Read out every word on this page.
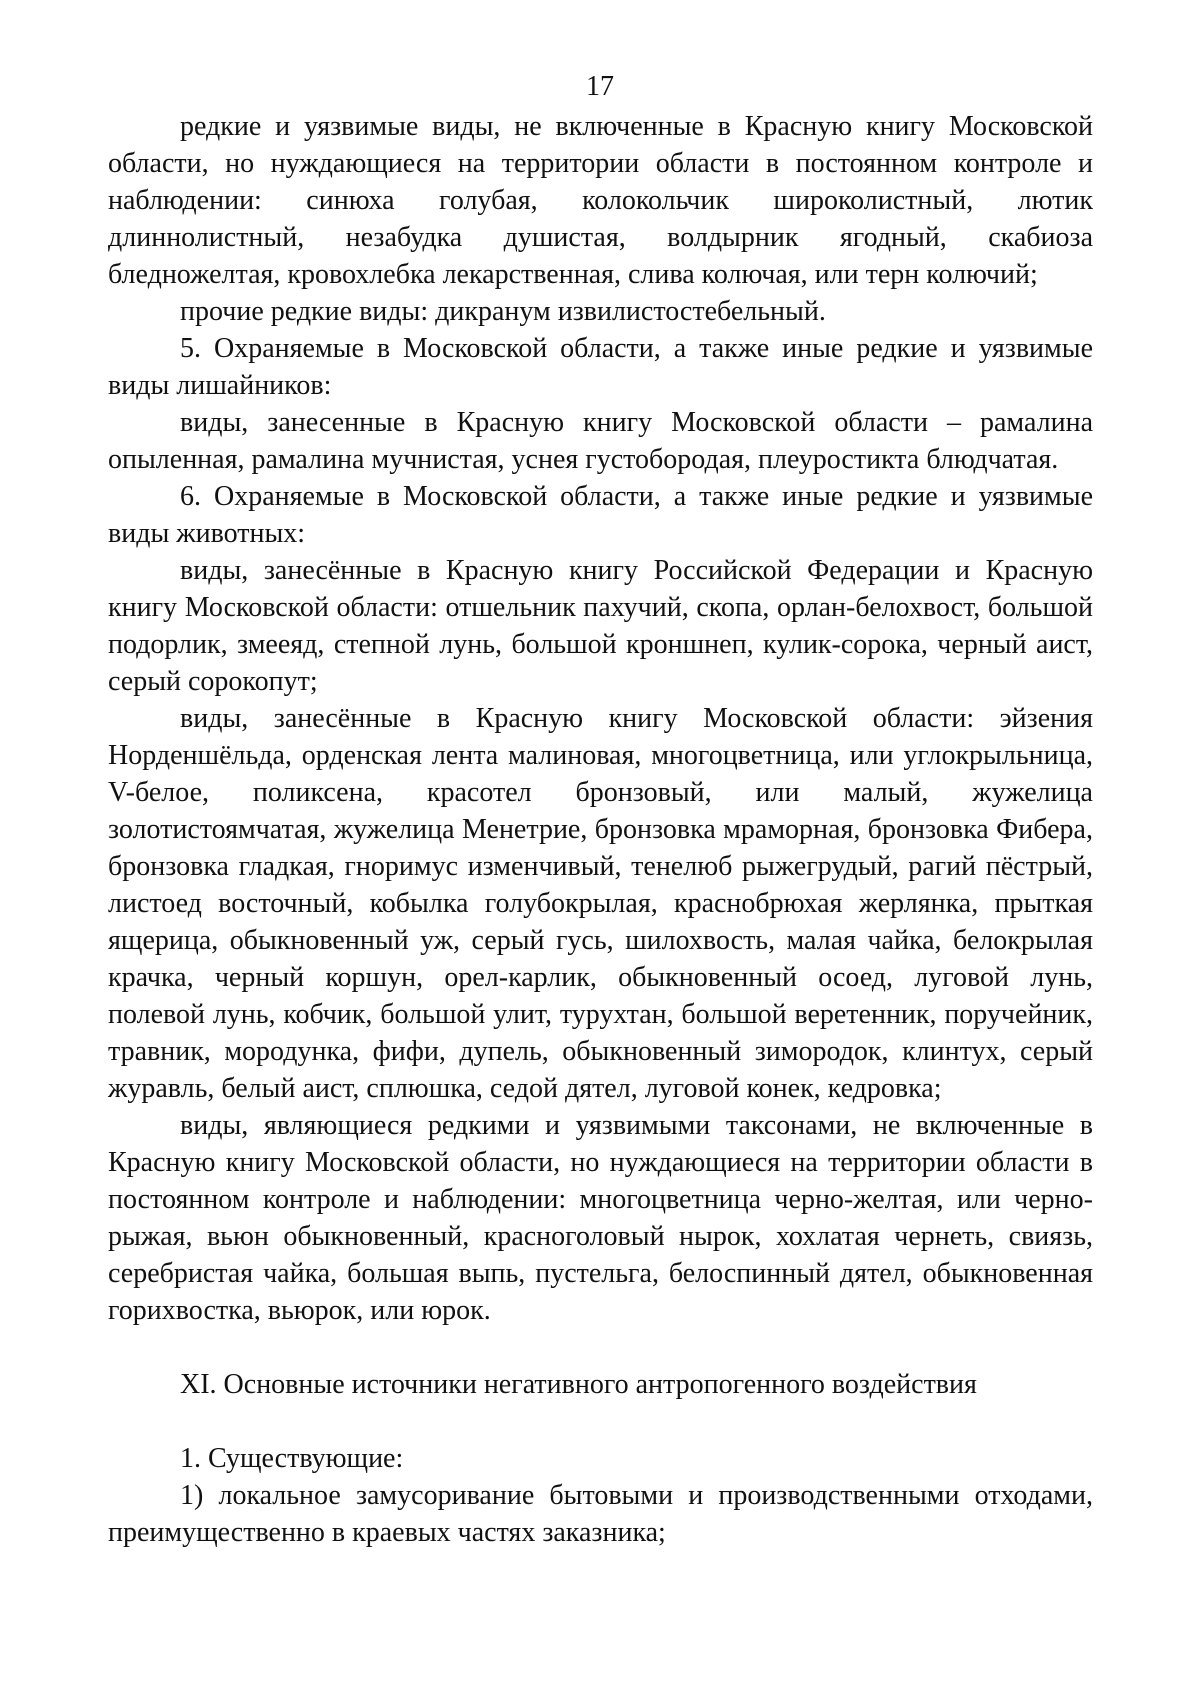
17

редкие и уязвимые виды, не включенные в Красную книгу Московской области, но нуждающиеся на территории области в постоянном контроле и наблюдении: синюха голубая, колокольчик широколистный, лютик длиннолистный, незабудка душистая, волдырник ягодный, скабиоза бледножелтая, кровохлебка лекарственная, слива колючая, или терн колючий;

прочие редкие виды: дикранум извилистостебельный.

5. Охраняемые в Московской области, а также иные редкие и уязвимые виды лишайников:

виды, занесенные в Красную книгу Московской области – рамалина опыленная, рамалина мучнистая, уснея густобородая, плеуростикта блюдчатая.

6. Охраняемые в Московской области, а также иные редкие и уязвимые виды животных:

виды, занесённые в Красную книгу Российской Федерации и Красную книгу Московской области: отшельник пахучий, скопа, орлан-белохвост, большой подорлик, змееяд, степной лунь, большой кроншнеп, кулик-сорока, черный аист, серый сорокопут;

виды, занесённые в Красную книгу Московской области: эйзения Норденшёльда, орденская лента малиновая, многоцветница, или углокрыльница, V-белое, поликсена, красотел бронзовый, или малый, жужелица золотистоямчатая, жужелица Менетрие, бронзовка мраморная, бронзовка Фибера, бронзовка гладкая, гноримус изменчивый, тенелюб рыжегрудый, рагий пёстрый, листоед восточный, кобылка голубокрылая, краснобрюхая жерлянка, прыткая ящерица, обыкновенный уж, серый гусь, шилохвость, малая чайка, белокрылая крачка, черный коршун, орел-карлик, обыкновенный осоед, луговой лунь, полевой лунь, кобчик, большой улит, турухтан, большой веретенник, поручейник, травник, мородунка, фифи, дупель, обыкновенный зимородок, клинтух, серый журавль, белый аист, сплюшка, седой дятел, луговой конек, кедровка;

виды, являющиеся редкими и уязвимыми таксонами, не включенные в Красную книгу Московской области, но нуждающиеся на территории области в постоянном контроле и наблюдении: многоцветница черно-желтая, или черно-рыжая, вьюн обыкновенный, красноголовый нырок, хохлатая чернеть, свиязь, серебристая чайка, большая выпь, пустельга, белоспинный дятел, обыкновенная горихвостка, вьюрок, или юрок.

XI. Основные источники негативного антропогенного воздействия

1. Существующие:

1) локальное замусоривание бытовыми и производственными отходами, преимущественно в краевых частях заказника;
